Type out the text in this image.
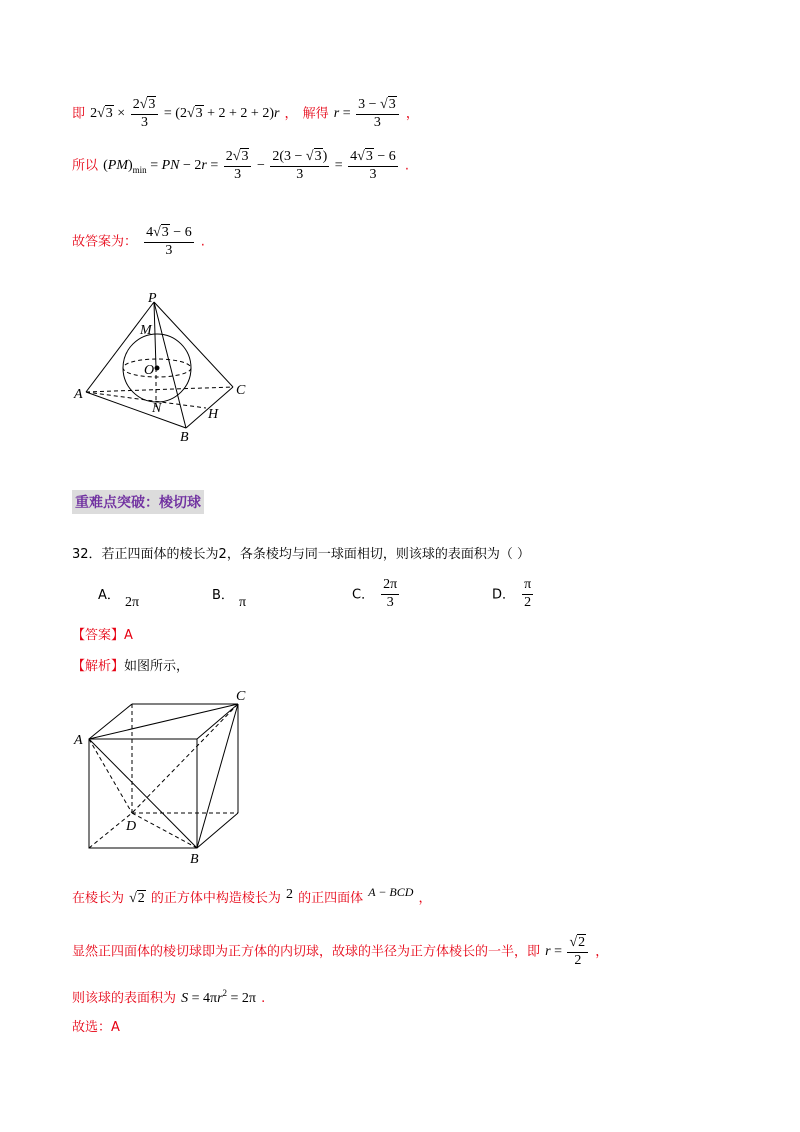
即 $2√3 \times \frac{2√3}{3} = (2√3 + 2 + 2 + 2)r$ ， 解得 $r = \frac{3 - √3}{3}$ ，
所以 $(PM)_{min}$ = PN − $2r = \frac{2√3}{3} - \frac{2(3 - √3)}{3} = \frac{4√3 - 6}{3}$ .
故答案为： $\frac{4√3 - 6}{3}$ .
P
M
O
A	C
N	H
B
重难点突破：棱切球
32．若正四面体的棱长为2，各条棱均与同一球面相切，则该球的表面积为（ ）
A． 2π	B． π	C． $\frac{2\pi}{3}$	D． $\frac{\pi}{2}$
【答案】A
【解析】如图所示，
A
C
D
B
在棱长为 √2 的正方体中构造棱长为 2 的正四面体 $^{A - BCD}$ ，
显然正四面体的棱切球即为正方体的内切球，故球的半径为正方体棱长的一半，即 $r = \frac{√2}{2}$ ，
则该球的表面积为 $S = 4\pi r^2 = 2\pi$ .
故选：A
